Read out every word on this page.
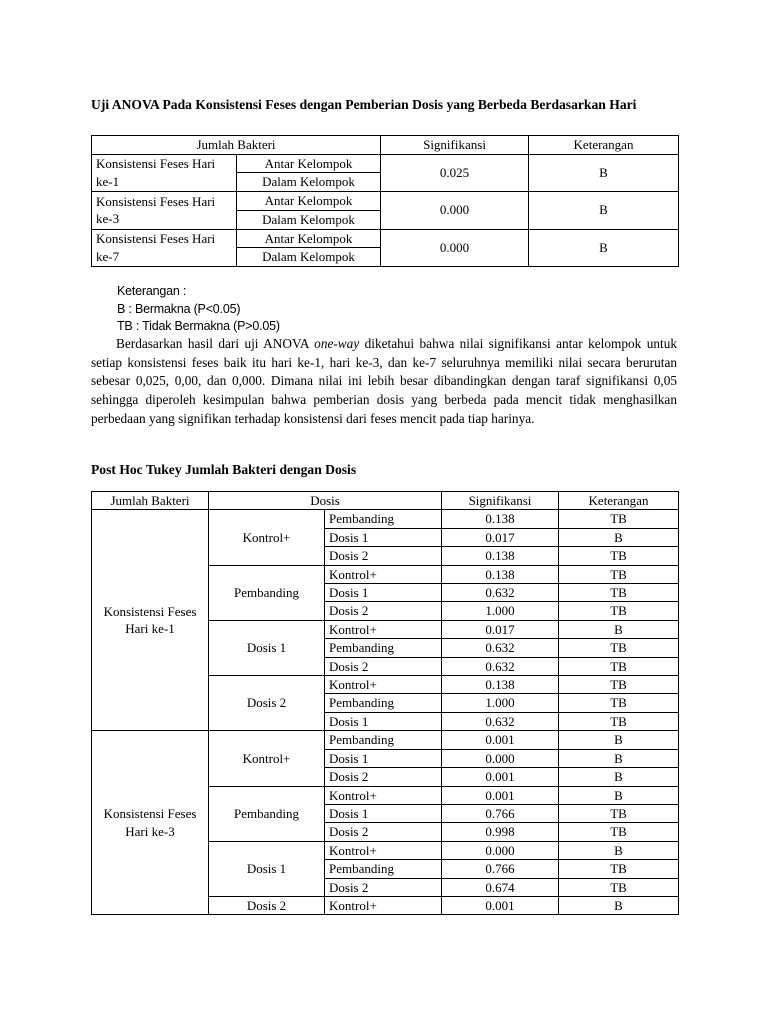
Uji ANOVA Pada Konsistensi Feses dengan Pemberian Dosis yang Berbeda Berdasarkan Hari
Jumlah Bakteri		Signifikansi	Keterangan
Konsistensi Feses Hari ke-1	Antar Kelompok	0.025	B
	Dalam Kelompok		
Konsistensi Feses Hari ke-3	Antar Kelompok	0.000	B
	Dalam Kelompok		
Konsistensi Feses Hari ke-7	Antar Kelompok	0.000	B
	Dalam Kelompok		
Keterangan :
B : Bermakna (P<0.05)
TB : Tidak Bermakna (P>0.05)
Berdasarkan hasil dari uji ANOVA one-way diketahui bahwa nilai signifikansi antar kelompok untuk setiap konsistensi feses baik itu hari ke-1, hari ke-3, dan ke-7 seluruhnya memiliki nilai secara berurutan sebesar 0,025, 0,00, dan 0,000. Dimana nilai ini lebih besar dibandingkan dengan taraf signifikansi 0,05 sehingga diperoleh kesimpulan bahwa pemberian dosis yang berbeda pada mencit tidak menghasilkan perbedaan yang signifikan terhadap konsistensi dari feses mencit pada tiap harinya.
Post Hoc Tukey Jumlah Bakteri dengan Dosis
Jumlah Bakteri	Dosis		Signifikansi	Keterangan
Konsistensi Feses Hari ke-1	Kontrol+	Pembanding	0.138	TB
		Dosis 1	0.017	B
		Dosis 2	0.138	TB
	Pembanding	Kontrol+	0.138	TB
		Dosis 1	0.632	TB
		Dosis 2	1.000	TB
	Dosis 1	Kontrol+	0.017	B
		Pembanding	0.632	TB
		Dosis 2	0.632	TB
	Dosis 2	Kontrol+	0.138	TB
		Pembanding	1.000	TB
		Dosis 1	0.632	TB
Konsistensi Feses Hari ke-3	Kontrol+	Pembanding	0.001	B
		Dosis 1	0.000	B
		Dosis 2	0.001	B
	Pembanding	Kontrol+	0.001	B
		Dosis 1	0.766	TB
		Dosis 2	0.998	TB
	Dosis 1	Kontrol+	0.000	B
		Pembanding	0.766	TB
		Dosis 2	0.674	TB
	Dosis 2	Kontrol+	0.001	B
